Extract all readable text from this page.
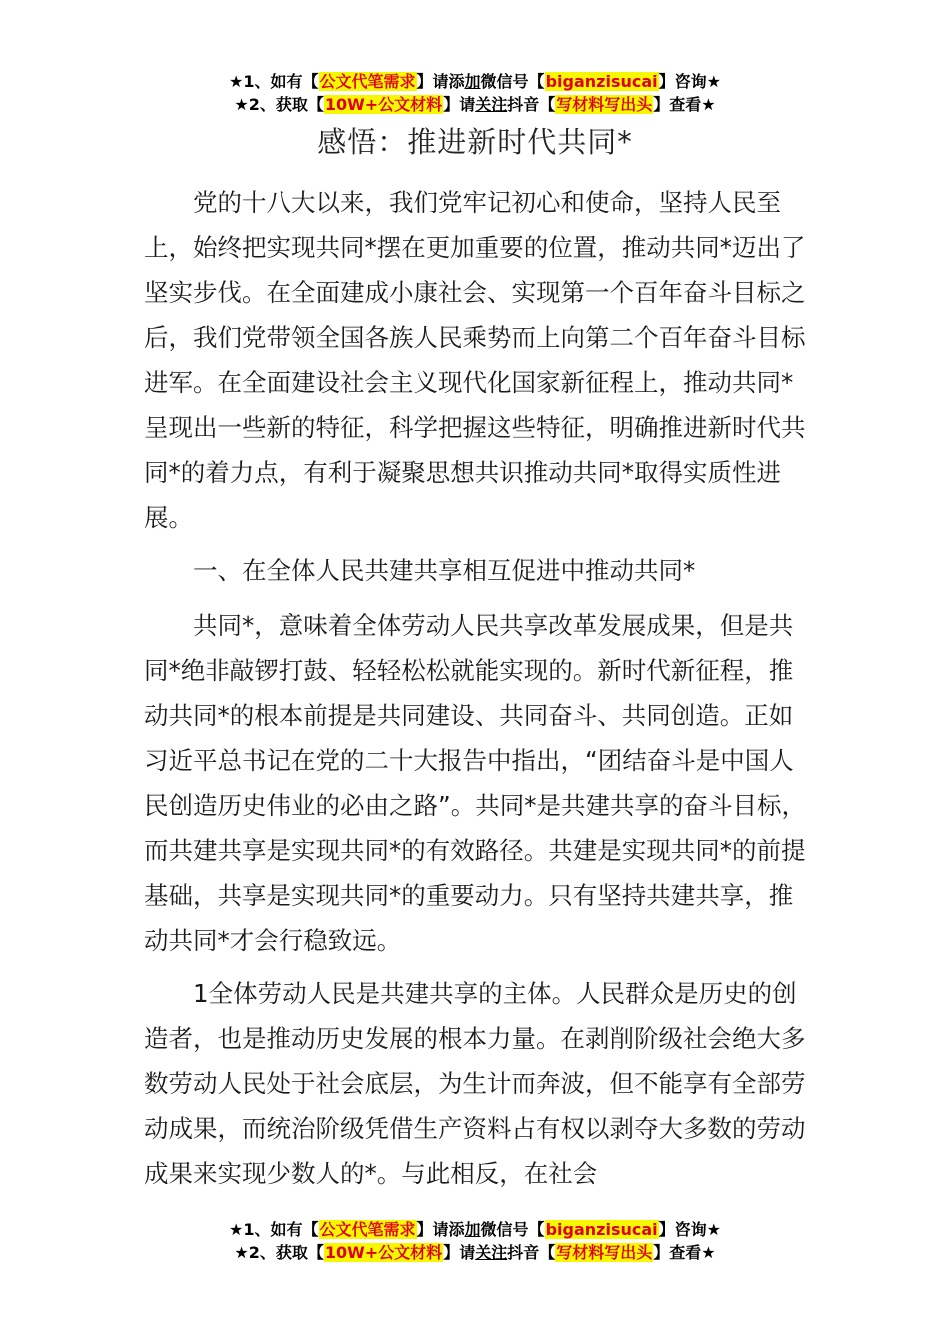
★1、如有【公文代笔需求】请添加微信号【biganzisucai】咨询★
★2、获取【10W+公文材料】请关注抖音【写材料写出头】查看★
感悟：推进新时代共同*

党的十八大以来，我们党牢记初心和使命，坚持人民至上，始终把实现共同*摆在更加重要的位置，推动共同*迈出了坚实步伐。在全面建成小康社会、实现第一个百年奋斗目标之后，我们党带领全国各族人民乘势而上向第二个百年奋斗目标进军。在全面建设社会主义现代化国家新征程上，推动共同*呈现出一些新的特征，科学把握这些特征，明确推进新时代共同*的着力点，有利于凝聚思想共识推动共同*取得实质性进展。

一、在全体人民共建共享相互促进中推动共同*

共同*，意味着全体劳动人民共享改革发展成果，但是共同*绝非敲锣打鼓、轻轻松松就能实现的。新时代新征程，推动共同*的根本前提是共同建设、共同奋斗、共同创造。正如习近平总书记在党的二十大报告中指出，“团结奋斗是中国人民创造历史伟业的必由之路”。共同*是共建共享的奋斗目标，而共建共享是实现共同*的有效路径。共建是实现共同*的前提基础，共享是实现共同*的重要动力。只有坚持共建共享，推动共同*才会行稳致远。

1全体劳动人民是共建共享的主体。人民群众是历史的创造者，也是推动历史发展的根本力量。在剥削阶级社会绝大多数劳动人民处于社会底层，为生计而奔波，但不能享有全部劳动成果，而统治阶级凭借生产资料占有权以剥夺大多数的劳动成果来实现少数人的*。与此相反，在社会

★1、如有【公文代笔需求】请添加微信号【biganzisucai】咨询★
★2、获取【10W+公文材料】请关注抖音【写材料写出头】查看★
